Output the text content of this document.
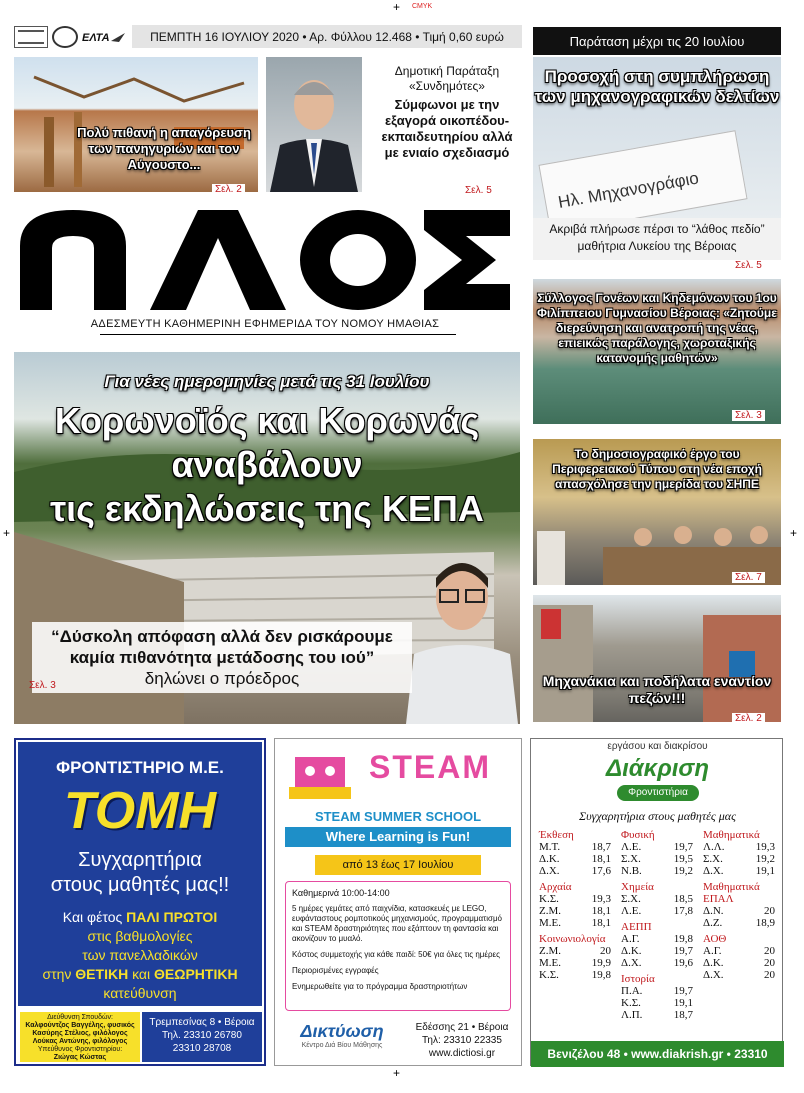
+ CMYK
+	+
+
ΕΛΤΑ	ΠΕΜΠΤΗ 16 ΙΟΥΛΙΟΥ 2020 • Αρ. Φύλλου 12.468 • Τιμή 0,60 ευρώ
Πολύ πιθανή η απαγόρευση των πανηγυριών και τον Αύγουστο...
Σελ. 2
Δημοτική Παράταξη «Συνδημότες»
Σύμφωνοι με την εξαγορά οικοπέδου-εκπαιδευτηρίου αλλά με ενιαίο σχεδιασμό
Σελ. 5
Παράταση μέχρι τις 20 Ιουλίου
Ηλ. Μηχανογράφιο
Προσοχή στη συμπλήρωση των μηχανογραφικών δελτίων
Ακριβά πλήρωσε πέρσι το “λάθος πεδίο” μαθήτρια Λυκείου της Βέροιας
Σελ. 5
ΑΔΕΣΜΕΥΤΗ ΚΑΘΗΜΕΡΙΝΗ ΕΦΗΜΕΡΙΔΑ ΤΟΥ ΝΟΜΟΥ ΗΜΑΘΙΑΣ
Για νέες ημερομηνίες μετά τις 31 Ιουλίου
Κορωνοϊός και Κορωνάς
αναβάλουν
τις εκδηλώσεις της ΚΕΠΑ
“Δύσκολη απόφαση αλλά δεν ρισκάρουμε
καμία πιθανότητα μετάδοσης του ιού”
δηλώνει ο πρόεδρος
Σελ. 3
Σύλλογος Γονέων και Κηδεμόνων του 1ου Φιλίππειου Γυμνασίου Βέροιας: «Ζητούμε διερεύνηση και ανατροπή της νέας, επιεικώς παράλογης, χωροταξικής κατανομής μαθητών»
Σελ. 3
Το δημοσιογραφικό έργο του Περιφερειακού Τύπου στη νέα εποχή απασχόλησε την ημερίδα του ΣΗΠΕ
Σελ. 7
Μηχανάκια και ποδήλατα εναντίον πεζών!!!
Σελ. 2
ΦΡΟΝΤΙΣΤΗΡΙΟ Μ.Ε.
ΤΟΜΗ
Συγχαρητήρια
στους μαθητές μας!!
Και φέτος ΠΑΛΙ ΠΡΩΤΟΙ
στις βαθμολογίες
των πανελλαδικών
στην ΘΕΤΙΚΗ και ΘΕΩΡΗΤΙΚΗ
κατεύθυνση
Διεύθυνση Σπουδών:
Καλφούντζος Βαγγέλης, φυσικός
Κασύρης Στέλιος, φιλόλογος
Λούκας Αντώνης, φιλόλογος
Υπεύθυνος Φροντιστηρίου:
Ζιώγας Κώστας
Τρεμπεσίνας 8 • Βέροια
Τηλ. 23310 26780
23310 28708
STEAM
STEAM SUMMER SCHOOL
Where Learning is Fun!
από 13 έως 17 Ιουλίου
Καθημερινά 10:00-14:00
5 ημέρες γεμάτες από παιχνίδια, κατασκευές με LEGO, ευφάνταστους ρομποτικούς μηχανισμούς, προγραμματισμό και STEAM δραστηριότητες που εξάπτουν τη φαντασία και ακονίζουν το μυαλό.
Κόστος συμμετοχής για κάθε παιδί: 50€ για όλες τις ημέρες
Περιορισμένες εγγραφές
Ενημερωθείτε για το πρόγραμμα δραστηριοτήτων
Δικτύωση
Κέντρο Διά Βίου Μάθησης
Εδέσσης 21 • Βέροια
Τηλ: 23310 22335
www.dictiosi.gr
εργάσου και διακρίσου
Διάκριση
Φροντιστήρια
Συγχαρητήρια στους μαθητές μας
Έκθεση
Μ.Τ.	18,7
Δ.Κ.	18,1
Δ.Χ.	17,6
Αρχαία
Κ.Σ.	19,3
Ζ.Μ.	18,1
Μ.Ε.	18,1
Κοινωνιολογία
Ζ.Μ.	20
Μ.Ε.	19,9
Κ.Σ.	19,8
Φυσική
Λ.Ε.	19,7
Σ.Χ.	19,5
Ν.Β.	19,2
Χημεία
Σ.Χ.	18,5
Λ.Ε.	17,8
ΑΕΠΠ
Α.Γ.	19,8
Δ.Κ.	19,7
Δ.Χ.	19,6
Ιστορία
Π.Α.	19,7
Κ.Σ.	19,1
Λ.Π.	18,7
Μαθηματικά
Λ.Λ.	19,3
Σ.Χ.	19,2
Δ.Χ.	19,1
Μαθηματικά ΕΠΑΛ
Δ.Ν.	20
Δ.Ζ.	18,9
ΑΟΘ
Α.Γ.	20
Δ.Κ.	20
Δ.Χ.	20
Βενιζέλου 48 • www.diakrish.gr • 23310 75710
